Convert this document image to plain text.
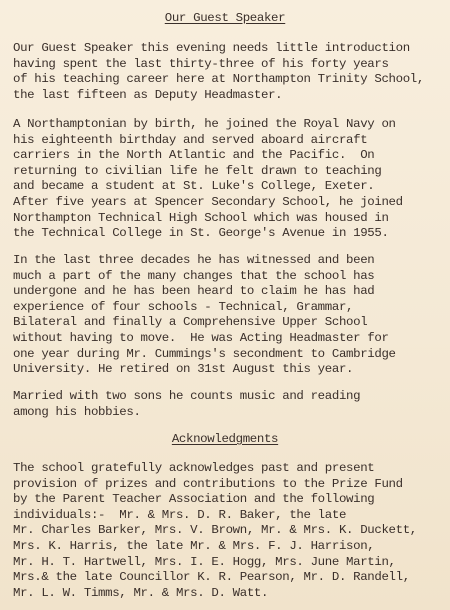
Our Guest Speaker
Our Guest Speaker this evening needs little introduction
having spent the last thirty-three of his forty years
of his teaching career here at Northampton Trinity School,
the last fifteen as Deputy Headmaster.
A Northamptonian by birth, he joined the Royal Navy on
his eighteenth birthday and served aboard aircraft
carriers in the North Atlantic and the Pacific.  On
returning to civilian life he felt drawn to teaching
and became a student at St. Luke's College, Exeter.
After five years at Spencer Secondary School, he joined
Northampton Technical High School which was housed in
the Technical College in St. George's Avenue in 1955.
In the last three decades he has witnessed and been
much a part of the many changes that the school has
undergone and he has been heard to claim he has had
experience of four schools - Technical, Grammar,
Bilateral and finally a Comprehensive Upper School
without having to move.  He was Acting Headmaster for
one year during Mr. Cummings's secondment to Cambridge
University. He retired on 31st August this year.
Married with two sons he counts music and reading
among his hobbies.
Acknowledgments
The school gratefully acknowledges past and present
provision of prizes and contributions to the Prize Fund
by the Parent Teacher Association and the following
individuals:-  Mr. & Mrs. D. R. Baker, the late
Mr. Charles Barker, Mrs. V. Brown, Mr. & Mrs. K. Duckett,
Mrs. K. Harris, the late Mr. & Mrs. F. J. Harrison,
Mr. H. T. Hartwell, Mrs. I. E. Hogg, Mrs. June Martin,
Mrs.& the late Councillor K. R. Pearson, Mr. D. Randell,
Mr. L. W. Timms, Mr. & Mrs. D. Watt.
